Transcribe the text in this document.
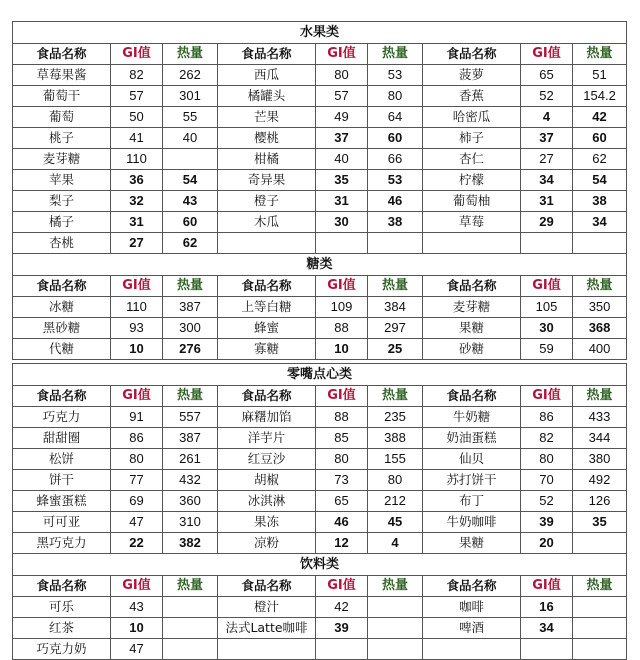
水果类								
食品名称	GI值	热量	食品名称	GI值	热量	食品名称	GI值	热量
草莓果酱	82	262	西瓜	80	53	菠萝	65	51
葡萄干	57	301	橘罐头	57	80	香蕉	52	154.2
葡萄	50	55	芒果	49	64	哈密瓜	4	42
桃子	41	40	樱桃	37	60	柿子	37	60
麦芽糖	110		柑橘	40	66	杏仁	27	62
苹果	36	54	奇异果	35	53	柠檬	34	54
梨子	32	43	橙子	31	46	葡萄柚	31	38
橘子	31	60	木瓜	30	38	草莓	29	34
杏桃	27	62						
糖类								
食品名称	GI值	热量	食品名称	GI值	热量	食品名称	GI值	热量
冰糖	110	387	上等白糖	109	384	麦芽糖	105	350
黑砂糖	93	300	蜂蜜	88	297	果糖	30	368
代糖	10	276	寡糖	10	25	砂糖	59	400
零嘴点心类								
食品名称	GI值	热量	食品名称	GI值	热量	食品名称	GI值	热量
巧克力	91	557	麻糬加馅	88	235	牛奶糖	86	433
甜甜圈	86	387	洋芋片	85	388	奶油蛋糕	82	344
松饼	80	261	红豆沙	80	155	仙贝	80	380
饼干	77	432	胡椒	73	80	苏打饼干	70	492
蜂蜜蛋糕	69	360	冰淇淋	65	212	布丁	52	126
可可亚	47	310	果冻	46	45	牛奶咖啡	39	35
黑巧克力	22	382	凉粉	12	4	果糖	20	
饮料类								
食品名称	GI值	热量	食品名称	GI值	热量	食品名称	GI值	热量
可乐	43		橙汁	42		咖啡	16	
红茶	10		法式Latte咖啡	39		啤酒	34	
巧克力奶	47							
